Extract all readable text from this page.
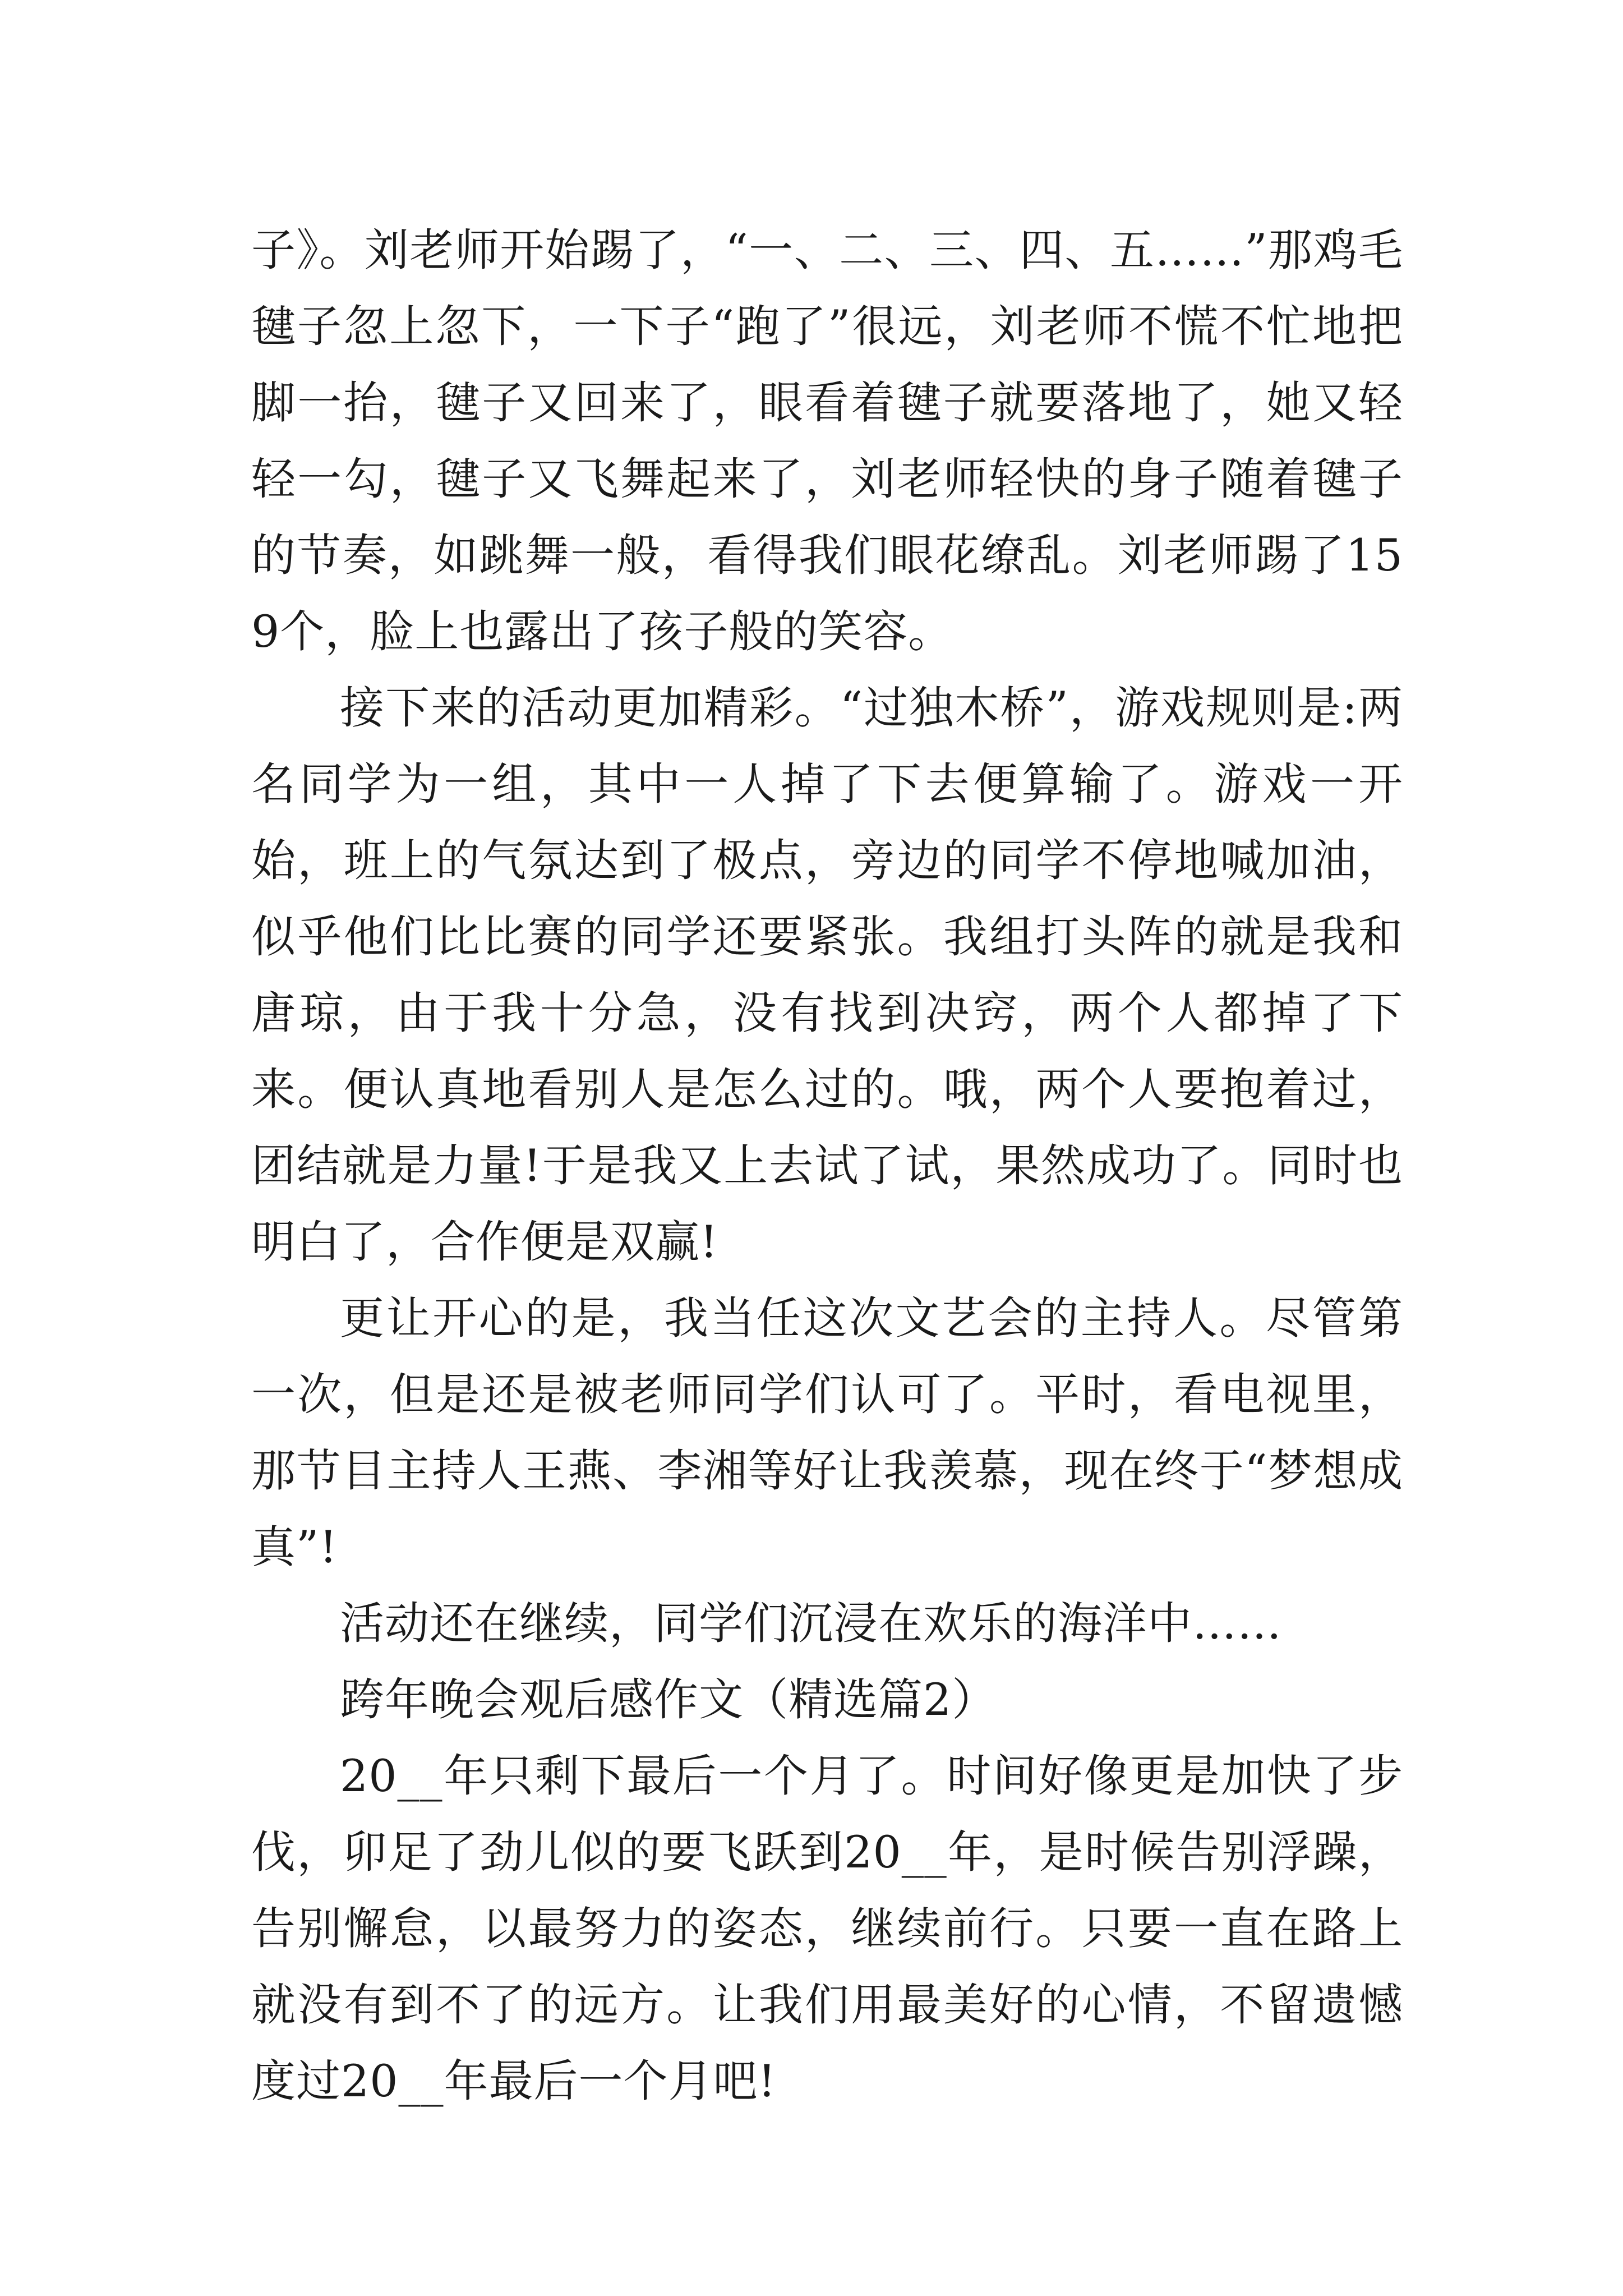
子》。刘老师开始踢了，“一、二、三、四、五……”那鸡毛毽子忽上忽下，一下子“跑了”很远，刘老师不慌不忙地把脚一抬，毽子又回来了，眼看着毽子就要落地了，她又轻轻一勾，毽子又飞舞起来了，刘老师轻快的身子随着毽子的节奏，如跳舞一般，看得我们眼花缭乱。刘老师踢了159个，脸上也露出了孩子般的笑容。

接下来的活动更加精彩。“过独木桥”，游戏规则是:两名同学为一组，其中一人掉了下去便算输了。游戏一开始，班上的气氛达到了极点，旁边的同学不停地喊加油，似乎他们比比赛的同学还要紧张。我组打头阵的就是我和唐琼，由于我十分急，没有找到决窍，两个人都掉了下来。便认真地看别人是怎么过的。哦，两个人要抱着过，团结就是力量!于是我又上去试了试，果然成功了。同时也明白了，合作便是双赢!

更让开心的是，我当任这次文艺会的主持人。尽管第一次，但是还是被老师同学们认可了。平时，看电视里，那节目主持人王燕、李湘等好让我羡慕，现在终于“梦想成真”!

活动还在继续，同学们沉浸在欢乐的海洋中……

跨年晚会观后感作文（精选篇2）

20__年只剩下最后一个月了。时间好像更是加快了步伐，卯足了劲儿似的要飞跃到20__年，是时候告别浮躁，告别懈怠，以最努力的姿态，继续前行。只要一直在路上就没有到不了的远方。让我们用最美好的心情，不留遗憾度过20__年最后一个月吧!
